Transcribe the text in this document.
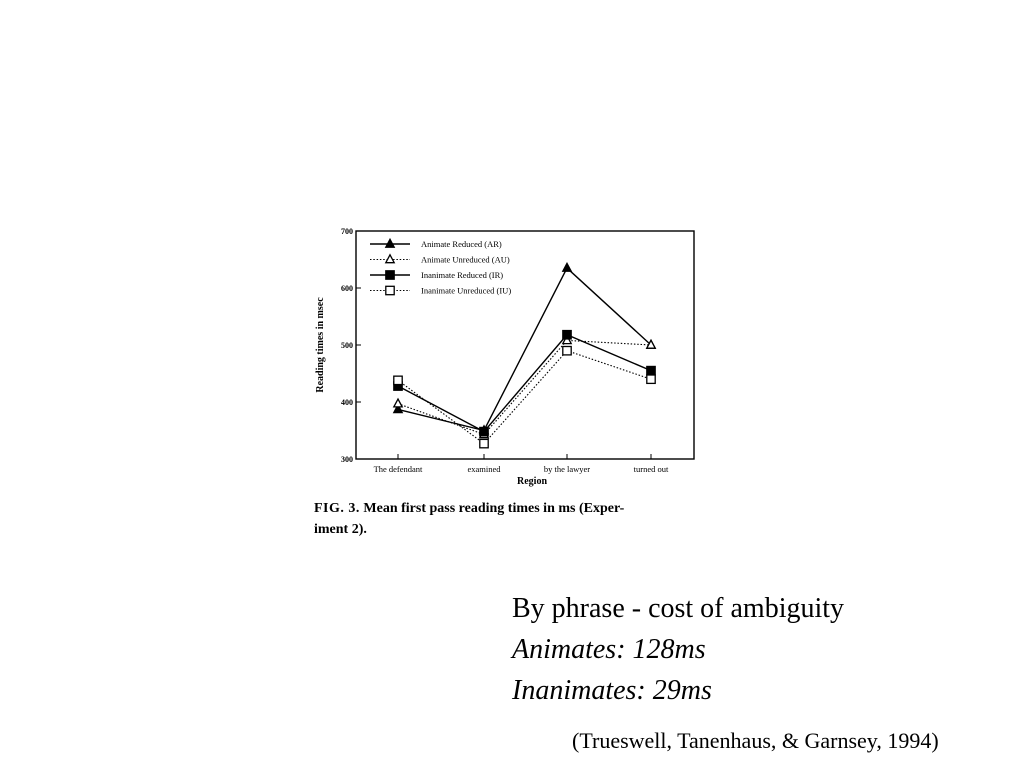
300
400
500
600
700
The defendant	examined	by the lawyer	turned out
Animate Reduced (AR)
Animate Unreduced (AU)
Inanimate Reduced (IR)
Inanimate Unreduced (IU)
Reading times in msec
Region
FIG. 3. Mean first pass reading times in ms (Exper-
iment 2).
By phrase - cost of ambiguity
Animates: 128ms
Inanimates: 29ms
(Trueswell, Tanenhaus, & Garnsey, 1994)
